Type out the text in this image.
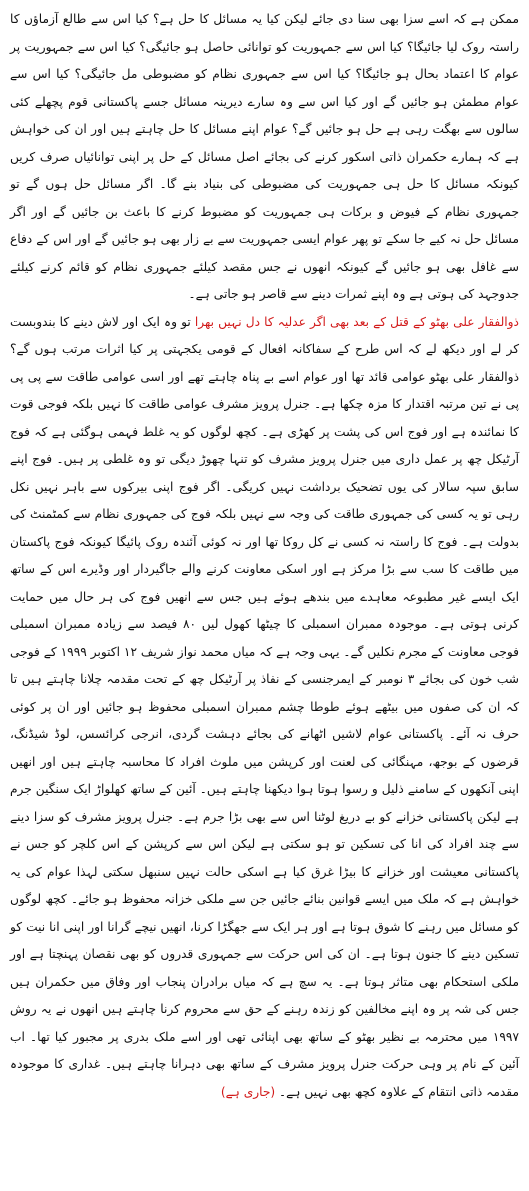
ممکن ہے کہ اسے سزا بھی سنا دی جائے لیکن کیا یہ مسائل کا حل ہے؟ کیا اس سے طالع آزماؤں کا راستہ روک لیا جائیگا؟ کیا اس سے جمہوریت کو توانائی حاصل ہو جائیگی؟ کیا اس سے جمہوریت پر عوام کا اعتماد بحال ہو جائیگا؟ کیا اس سے جمہوری نظام کو مضبوطی مل جائیگی؟ کیا اس سے عوام مطمئن ہو جائیں گے اور کیا اس سے وہ سارے دیرینہ مسائل جسے پاکستانی قوم پچھلے کئی سالوں سے بھگت رہی ہے حل ہو جائیں گے؟ عوام اپنے مسائل کا حل چاہتے ہیں اور ان کی خواہش ہے کہ ہمارے حکمران ذاتی اسکور کرنے کی بجائے اصل مسائل کے حل پر اپنی توانائیاں صرف کریں کیونکہ مسائل کا حل ہی جمہوریت کی مضبوطی کی بنیاد بنے گا۔ اگر مسائل حل ہوں گے تو جمہوری نظام کے فیوض و برکات ہی جمہوریت کو مضبوط کرنے کا باعث بن جائیں گے اور اگر مسائل حل نہ کیے جا سکے تو پھر عوام ایسی جمہوریت سے بے زار بھی ہو جائیں گے اور اس کے دفاع سے غافل بھی ہو جائیں گے کیونکہ انھوں نے جس مقصد کیلئے جمہوری نظام کو قائم کرنے کیلئے جدوجہد کی ہوتی ہے وہ اپنے ثمرات دینے سے قاصر ہو جاتی ہے۔

ذوالفقار علی بھٹو کے قتل کے بعد بھی اگر عدلیہ کا دل نہیں بھرا تو وہ ایک اور لاش دینے کا بندوبست کر لے اور دیکھ لے کہ اس طرح کے سفاکانہ افعال کے قومی یکجہتی پر کیا اثرات مرتب ہوں گے؟ ذوالفقار علی بھٹو عوامی قائد تھا اور عوام اسے بے پناہ چاہتے تھے اور اسی عوامی طاقت سے پی پی پی نے تین مرتبہ اقتدار کا مزہ چکھا ہے۔ جنرل پرویز مشرف عوامی طاقت کا نہیں بلکہ فوجی قوت کا نمائندہ ہے اور فوج اس کی پشت پر کھڑی ہے۔ کچھ لوگوں کو یہ غلط فہمی ہوگئی ہے کہ فوج آرٹیکل چھ پر عمل داری میں جنرل پرویز مشرف کو تنہا چھوڑ دیگی تو وہ غلطی پر ہیں۔ فوج اپنے سابق سپہ سالار کی یوں تضحیک برداشت نہیں کریگی۔ اگر فوج اپنی بیرکوں سے باہر نہیں نکل رہی تو یہ کسی کی جمہوری طاقت کی وجہ سے نہیں بلکہ فوج کی جمہوری نظام سے کمٹمنٹ کی بدولت ہے۔ فوج کا راستہ نہ کسی نے کل روکا تھا اور نہ کوئی آئندہ روک پائیگا کیونکہ فوج پاکستان میں طاقت کا سب سے بڑا مرکز ہے اور اسکی معاونت کرنے والے جاگیردار اور وڈیرے اس کے ساتھ ایک ایسے غیر مطبوعہ معاہدے میں بندھے ہوئے ہیں جس سے انھیں فوج کی ہر حال میں حمایت کرنی ہوتی ہے۔ موجودہ ممبران اسمبلی کا چیٹھا کھول لیں ۸۰ فیصد سے زیادہ ممبران اسمبلی فوجی معاونت کے مجرم نکلیں گے۔ یہی وجہ ہے کہ میاں محمد نواز شریف ۱۲ اکتوبر ۱۹۹۹ کے فوجی شب خون کی بجائے ۳ نومبر کے ایمرجنسی کے نفاذ پر آرٹیکل چھ کے تحت مقدمہ چلانا چاہتے ہیں تا کہ ان کی صفوں میں بیٹھے ہوئے طوطا چشم ممبران اسمبلی محفوظ ہو جائیں اور ان پر کوئی حرف نہ آئے۔ پاکستانی عوام لاشیں اٹھانے کی بجائے دہشت گردی، انرجی کرائسس، لوڈ شیڈنگ، قرضوں کے بوجھ، مہنگائی کی لعنت اور کرپشن میں ملوث افراد کا محاسبہ چاہتے ہیں اور انھیں اپنی آنکھوں کے سامنے ذلیل و رسوا ہوتا ہوا دیکھنا چاہتے ہیں۔ آئین کے ساتھ کھلواڑ ایک سنگین جرم ہے لیکن پاکستانی خزانے کو بے دریغ لوٹنا اس سے بھی بڑا جرم ہے۔ جنرل پرویز مشرف کو سزا دینے سے چند افراد کی انا کی تسکین تو ہو سکتی ہے لیکن اس سے کرپشن کے اس کلچر کو جس نے پاکستانی معیشت اور خزانے کا بیڑا غرق کیا ہے اسکی حالت نہیں سنبھل سکتی لہذا عوام کی یہ خواہش ہے کہ ملک میں ایسے قوانین بنائے جائیں جن سے ملکی خزانہ محفوظ ہو جائے۔ کچھ لوگوں کو مسائل میں رہنے کا شوق ہوتا ہے اور ہر ایک سے جھگڑا کرنا، انھیں نیچے گرانا اور اپنی انا نیت کو تسکین دینے کا جنون ہوتا ہے۔ ان کی اس حرکت سے جمہوری قدروں کو بھی نقصان پہنچتا ہے اور ملکی استحکام بھی متاثر ہوتا ہے۔ یہ سچ ہے کہ میاں برادران پنجاب اور وفاق میں حکمران ہیں جس کی شہ پر وہ اپنے مخالفین کو زندہ رہنے کے حق سے محروم کرنا چاہتے ہیں انھوں نے یہ روش ۱۹۹۷ میں محترمہ بے نظیر بھٹو کے ساتھ بھی اپنائی تھی اور اسے ملک بدری پر مجبور کیا تھا۔ اب آئین کے نام پر وہی حرکت جنرل پرویز مشرف کے ساتھ بھی دہرانا چاہتے ہیں۔ غداری کا موجودہ مقدمہ ذاتی انتقام کے علاوہ کچھ بھی نہیں ہے۔ (جاری ہے)
